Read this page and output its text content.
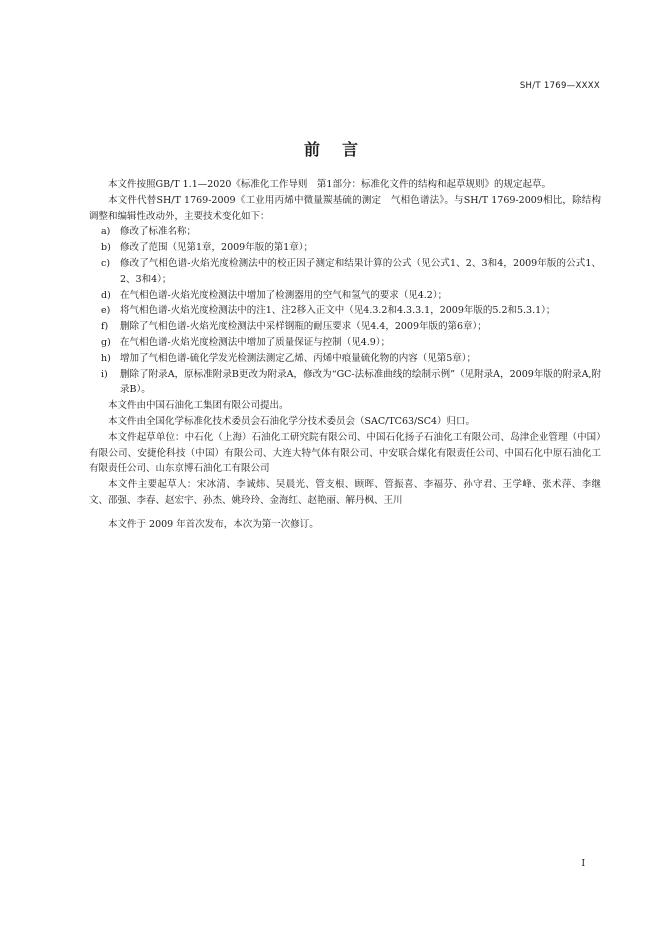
SH/T 1769—XXXX
前言

本文件按照GB/T 1.1—2020《标准化工作导则　第1部分：标准化文件的结构和起草规则》的规定起草。

本文件代替SH/T 1769-2009《工业用丙烯中微量羰基硫的测定　气相色谱法》。与SH/T 1769-2009相比，除结构调整和编辑性改动外，主要技术变化如下：

a)	修改了标准名称；
b) 修改了范围（见第1章，2009年版的第1章）；
c)	修改了气相色谱-火焰光度检测法中的校正因子测定和结果计算的公式（见公式1、2、3和4，2009年版的公式1、2、3和4）；
d) 在气相色谱-火焰光度检测法中增加了检测器用的空气和氢气的要求（见4.2）；
e)	将气相色谱-火焰光度检测法中的注1、注2移入正文中（见4.3.2和4.3.3.1，2009年版的5.2和5.3.1）；
f)	删除了气相色谱-火焰光度检测法中采样钢瓶的耐压要求（见4.4，2009年版的第6章）；
g) 在气相色谱-火焰光度检测法中增加了质量保证与控制（见4.9）；
h) 增加了气相色谱-硫化学发光检测法测定乙烯、丙烯中痕量硫化物的内容（见第5章）；
i)	删除了附录A，原标准附录B更改为附录A，修改为“GC-法标准曲线的绘制示例”（见附录A，2009年版的附录A,附录B）。

本文件由中国石油化工集团有限公司提出。

本文件由全国化学标准化技术委员会石油化学分技术委员会（SAC/TC63/SC4）归口。

本文件起草单位：中石化（上海）石油化工研究院有限公司、中国石化扬子石油化工有限公司、岛津企业管理（中国）有限公司、安捷伦科技（中国）有限公司、大连大特气体有限公司、中安联合煤化有限责任公司、中国石化中原石油化工有限责任公司、山东京博石油化工有限公司

本文件主要起草人：宋冰清、李诚炜、吴晨光、管支根、顾晖、管振喜、李福芬、孙守君、王学峰、张术萍、李继文、邵强、李春、赵宏宇、孙杰、姚玲玲、金海红、赵艳丽、解丹枫、王川

本文件于 2009 年首次发布，本次为第一次修订。

I
